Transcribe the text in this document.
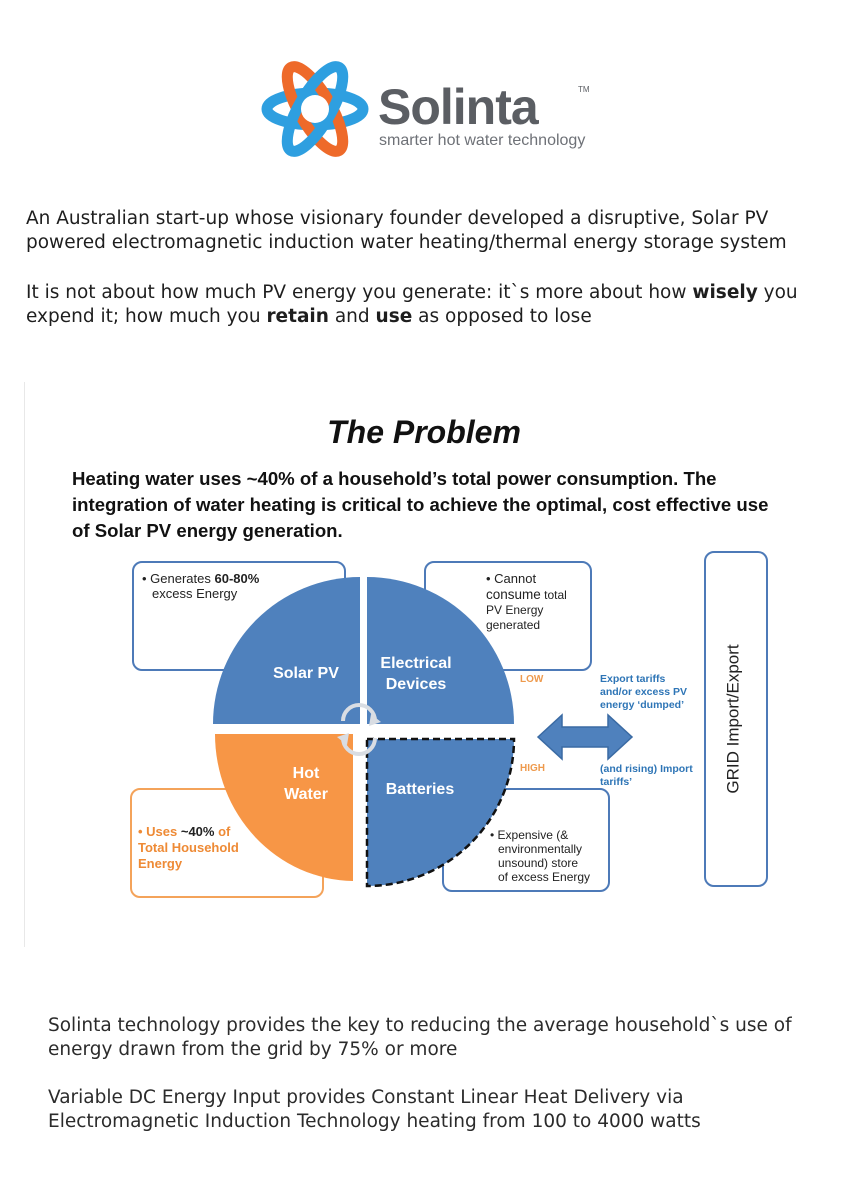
Solinta	TM
smarter hot water technology
An Australian start-up whose visionary founder developed a disruptive, Solar PV powered electromagnetic induction water heating/thermal energy storage system
It is not about how much PV energy you generate: it`s more about how wisely you expend it; how much you retain and use as opposed to lose
The Problem
Heating water uses ~40% of a household’s total power consumption. The integration of water heating is critical to achieve the optimal, cost effective use of Solar PV energy generation.
• Generates 60-80%
excess Energy
• Cannot
consume total
PV Energy
generated
• Uses ~40% of
Total Household
Energy
• Expensive (&
environmentally
unsound) store
of excess Energy
Solar PV
Electrical
Devices
Hot
Water	Batteries
LOW
HIGH
Export tariffs
and/or excess PV
energy ‘dumped’
(and rising) Import
tariffs’	GRID Import/Export
Solinta technology provides the key to reducing the average household`s use of energy drawn from the grid by 75% or more
Variable DC Energy Input provides Constant Linear Heat Delivery via Electromagnetic Induction Technology heating from 100 to 4000 watts
